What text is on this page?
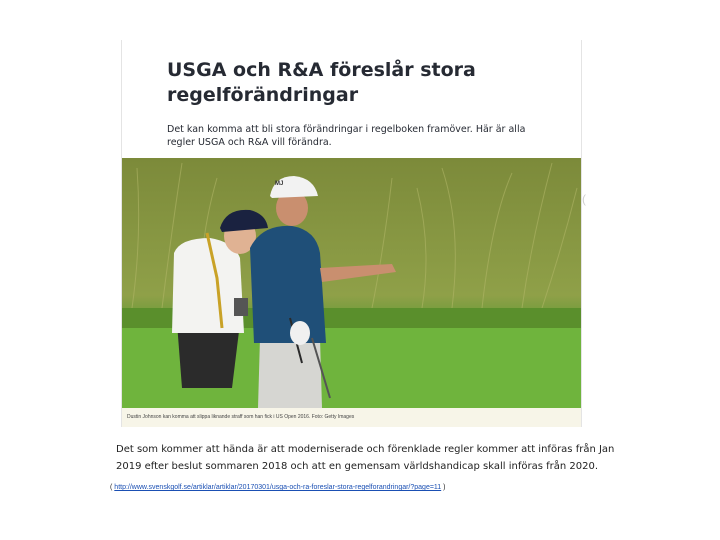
USGA och R&A föreslår stora regelförändringar

Det kan komma att bli stora förändringar i regelboken framöver. Här är alla regler USGA och R&A vill förändra.

Dustin Johnson kan komma att slippa liknande straff som han fick i US Open 2016. Foto: Getty Images
(

Det som kommer att hända är att moderniserade och förenklade regler kommer att införas från Jan 2019 efter beslut sommaren 2018 och att en gemensam världshandicap skall införas från 2020.

( http://www.svenskgolf.se/artiklar/artiklar/20170301/usga-och-ra-foreslar-stora-regelforandringar/?page=11 )
MJ
